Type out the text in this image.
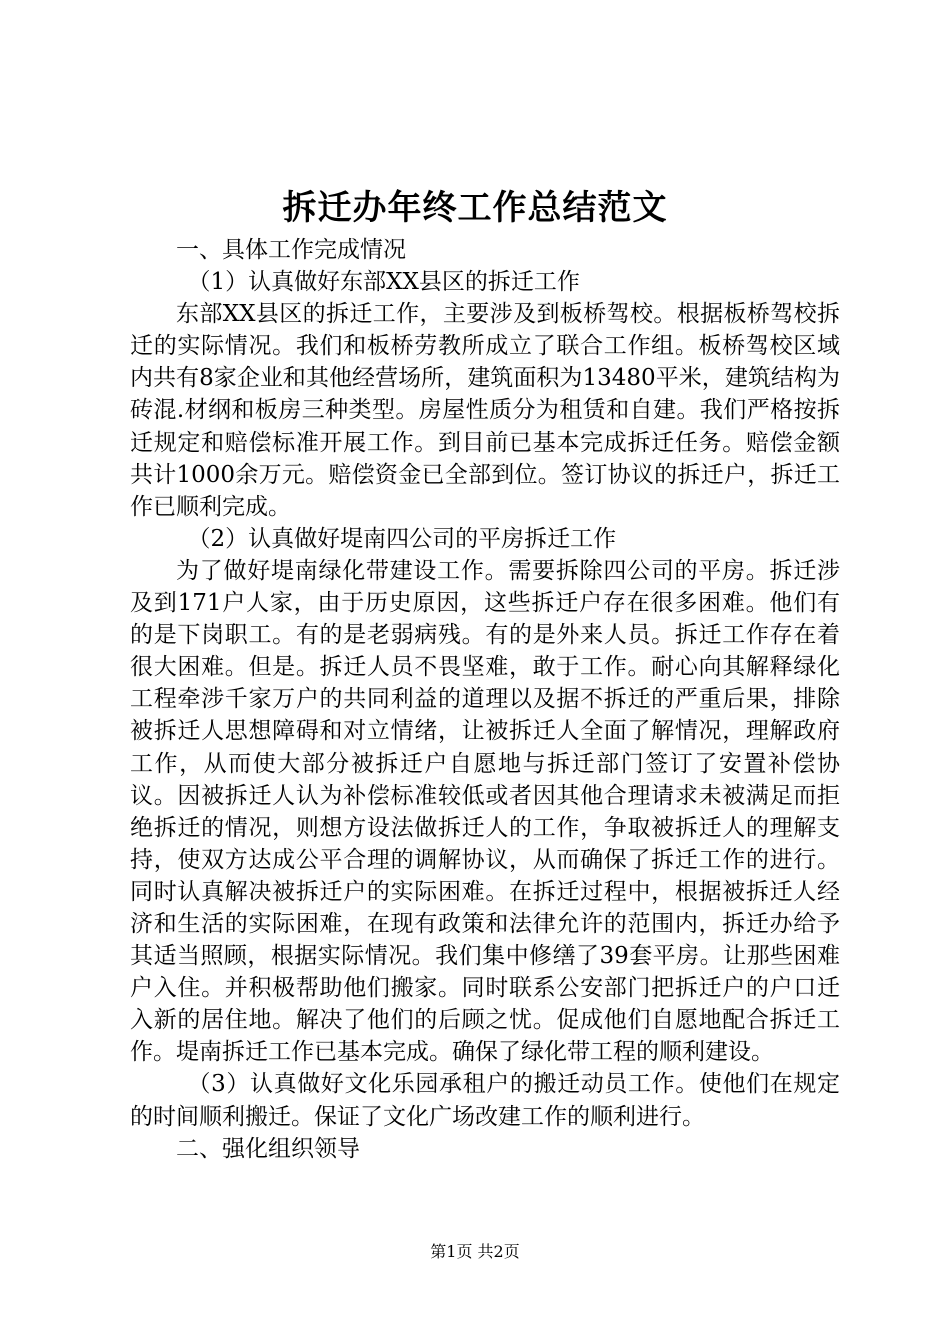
拆迁办年终工作总结范文

一、具体工作完成情况

（1）认真做好东部XX县区的拆迁工作

东部XX县区的拆迁工作，主要涉及到板桥驾校。根据板桥驾校拆迁的实际情况。我们和板桥劳教所成立了联合工作组。板桥驾校区域内共有8家企业和其他经营场所，建筑面积为13480平米，建筑结构为砖混.材纲和板房三种类型。房屋性质分为租赁和自建。我们严格按拆迁规定和赔偿标准开展工作。到目前已基本完成拆迁任务。赔偿金额共计1000余万元。赔偿资金已全部到位。签订协议的拆迁户，拆迁工作已顺利完成。

（2）认真做好堤南四公司的平房拆迁工作

为了做好堤南绿化带建设工作。需要拆除四公司的平房。拆迁涉及到171户人家，由于历史原因，这些拆迁户存在很多困难。他们有的是下岗职工。有的是老弱病残。有的是外来人员。拆迁工作存在着很大困难。但是。拆迁人员不畏坚难，敢于工作。耐心向其解释绿化工程牵涉千家万户的共同利益的道理以及据不拆迁的严重后果，排除被拆迁人思想障碍和对立情绪，让被拆迁人全面了解情况，理解政府工作，从而使大部分被拆迁户自愿地与拆迁部门签订了安置补偿协议。因被拆迁人认为补偿标准较低或者因其他合理请求未被满足而拒绝拆迁的情况，则想方设法做拆迁人的工作，争取被拆迁人的理解支持，使双方达成公平合理的调解协议，从而确保了拆迁工作的进行。同时认真解决被拆迁户的实际困难。在拆迁过程中，根据被拆迁人经济和生活的实际困难，在现有政策和法律允许的范围内，拆迁办给予其适当照顾，根据实际情况。我们集中修缮了39套平房。让那些困难户入住。并积极帮助他们搬家。同时联系公安部门把拆迁户的户口迁入新的居住地。解决了他们的后顾之忧。促成他们自愿地配合拆迁工作。堤南拆迁工作已基本完成。确保了绿化带工程的顺利建设。

（3）认真做好文化乐园承租户的搬迁动员工作。使他们在规定的时间顺利搬迁。保证了文化广场改建工作的顺利进行。

二、强化组织领导

第1页 共2页
